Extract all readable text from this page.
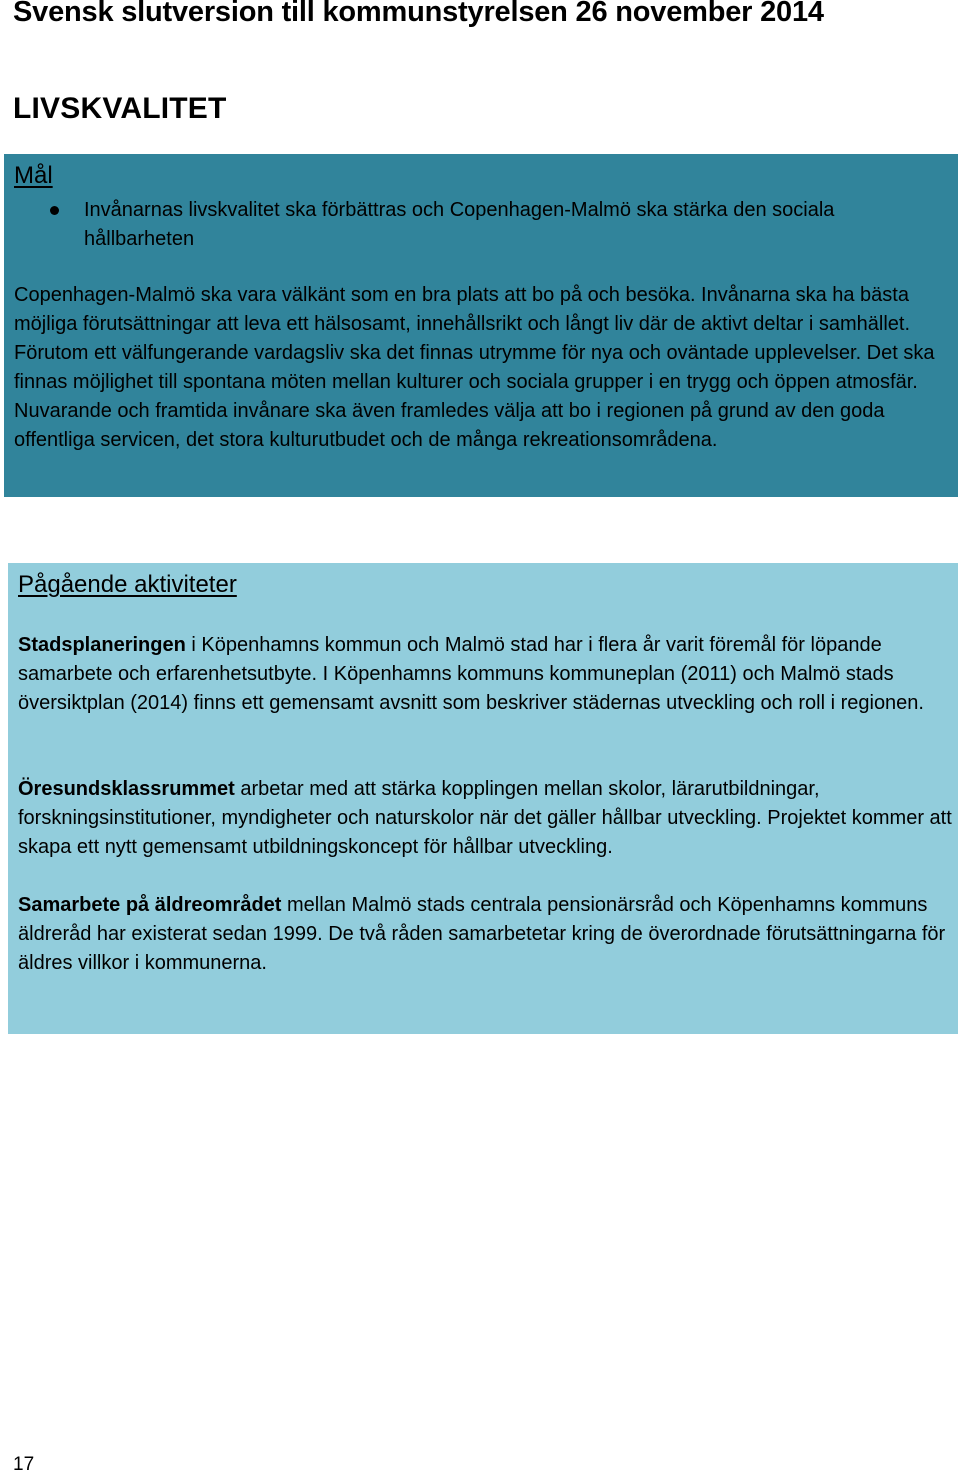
Svensk slutversion till kommunstyrelsen 26 november 2014
LIVSKVALITET
Mål
Invånarnas livskvalitet ska förbättras och Copenhagen-Malmö ska stärka den sociala hållbarheten

Copenhagen-Malmö ska vara välkänt som en bra plats att bo på och besöka. Invånarna ska ha bästa möjliga förutsättningar att leva ett hälsosamt, innehållsrikt och långt liv där de aktivt deltar i samhället. Förutom ett välfungerande vardagsliv ska det finnas utrymme för nya och oväntade upplevelser. Det ska finnas möjlighet till spontana möten mellan kulturer och sociala grupper i en trygg och öppen atmosfär. Nuvarande och framtida invånare ska även framledes välja att bo i regionen på grund av den goda offentliga servicen, det stora kulturutbudet och de många rekreationsområdena.

Pågående aktiviteter

Stadsplaneringen i Köpenhamns kommun och Malmö stad har i flera år varit föremål för löpande samarbete och erfarenhetsutbyte. I Köpenhamns kommuns kommuneplan (2011) och Malmö stads översiktplan (2014) finns ett gemensamt avsnitt som beskriver städernas utveckling och roll i regionen.

Öresundsklassrummet arbetar med att stärka kopplingen mellan skolor, lärarutbildningar, forskningsinstitutioner, myndigheter och naturskolor när det gäller hållbar utveckling. Projektet kommer att skapa ett nytt gemensamt utbildningskoncept för hållbar utveckling.

Samarbete på äldreområdet mellan Malmö stads centrala pensionärsråd och Köpenhamns kommuns äldreråd har existerat sedan 1999. De två råden samarbetetar kring de överordnade förutsättningarna för äldres villkor i kommunerna.

17
